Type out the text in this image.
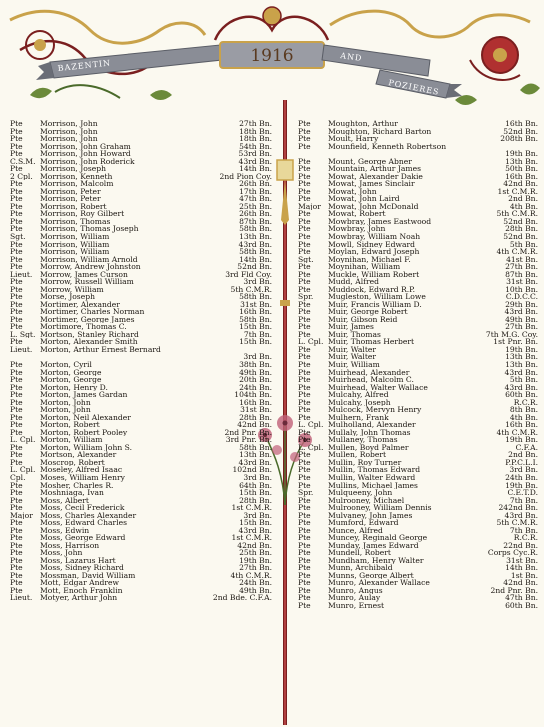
BAZENTIN	1916	AND
POZIERES
Pte	Morrison, John	27th Bn.
Pte	Morrison, John	18th Bn.
Pte	Morrison, John	18th Bn.
Pte	Morrison, John Graham	54th Bn.
Pte	Morrison, John Howard	53rd Bn.
C.S.M. Morrison, John Roderick	43rd Bn.
Pte	Morrison, Joseph	14th Bn.
2 Cpl. Morrison, Kenneth	2nd Pion Coy.
Pte	Morrison, Malcolm	26th Bn.
Pte	Morrison, Peter	17th Bn.
Pte	Morrison, Peter	47th Bn.
Pte	Morrison, Robert	25th Bn.
Pte	Morrison, Roy Gilbert	26th Bn.
Pte	Morrison, Thomas	87th Bn.
Pte	Morrison, Thomas Joseph	58th Bn.
Sgt.	Morrison, William	13th Bn.
Pte	Morrison, William	43rd Bn.
Pte	Morrison, William	58th Bn.
Pte	Morrison, William Arnold	14th Bn.
Pte	Morrow, Andrew Johnston	52nd Bn.
Lieut.	Morrow, James Curson	3rd Fld Coy.
Pte	Morrow, Russell William	3rd Bn.
Pte	Morrow, William	5th C.M.R.
Pte	Morse, Joseph	58th Bn.
Pte	Mortimer, Alexander	31st Bn.
Pte	Mortimer, Charles Norman	16th Bn.
Pte	Mortimer, George James	58th Bn.
Pte	Mortimore, Thomas C.	15th Bn.
L. Sgt. Mortson, Stanley Richard	7th Bn.
Pte	Morton, Alexander Smith	15th Bn.
Lieut.	Morton, Arthur Ernest Bernard
3rd Bn.
Pte	Morton, Cyril	38th Bn.
Pte	Morton, George	49th Bn.
Pte	Morton, George	20th Bn.
Pte	Morton, Henry D.	24th Bn.
Pte	Morton, James Gardan	104th Bn.
Pte	Morton, John	16th Bn.
Pte	Morton, John	31st Bn.
Pte	Morton, Neil Alexander	28th Bn.
Pte	Morton, Robert	42nd Bn.
Pte	Morton, Robert Pooley	2nd Pnr. Bn.
L. Cpl. Morton, William	3rd Pnr. Bn.
Pte	Morton, William John S.	58th Bn.
Pte	Mortson, Alexander	13th Bn.
Pte	Moscrop, Robert	43rd Bn.
L. Cpl. Moseley, Alfred Isaac	102nd Bn.
Cpl.	Moses, William Henry	3rd Bn.
Pte	Mosher, Charles R.	64th Bn.
Pte	Moshniaga, Ivan	15th Bn.
Pte	Moss, Albert	28th Bn.
Pte	Moss, Cecil Frederick	1st C.M.R.
Major Moss, Charles Alexander	3rd Bn.
Pte	Moss, Edward Charles	15th Bn.
Pte	Moss, Edwin	43rd Bn.
Pte	Moss, George Edward	1st C.M.R.
Pte	Moss, Harrison	42nd Bn.
Pte	Moss, John	25th Bn.
Pte	Moss, Lazarus Hart	19th Bn.
Pte	Moss, Sidney Richard	27th Bn.
Pte	Mossman, David William	4th C.M.R.
Pte	Mott, Edgar Andrew	24th Bn.
Pte	Mott, Enoch Franklin	49th Bn.
Lieut.	Motyer, Arthur John	2nd Bde. C.F.A.
Pte	Moughton, Arthur	16th Bn.
Pte	Moughton, Richard Barton	52nd Bn.
Pte	Moult, Harry	208th Bn.
Pte	Mounfield, Kenneth Robertson
19th Bn.
Pte	Mount, George Abner	13th Bn.
Pte	Mountain, Arthur James	50th Bn.
Pte	Mowat, Alexander Dakie	16th Bn.
Pte	Mowat, James Sinclair	42nd Bn.
Pte	Mowat, John	1st C.M.R.
Pte	Mowat, John Laird	2nd Bn.
Major Mowat, John McDonald	4th Bn.
Pte	Mowat, Robert	5th C.M.R.
Pte	Mowbray, James Eastwood	52nd Bn.
Pte	Mowbray, John	28th Bn.
Pte	Mowbray, William Noah	52nd Bn.
Pte	Mowll, Sidney Edward	5th Bn.
Pte	Moylan, Edward Joseph	4th C.M.R.
Sgt.	Moynihan, Michael F.	41st Bn.
Pte	Moynihan, William	27th Bn.
Pte	Muckle, William Robert	87th Bn.
Pte	Mudd, Alfred	31st Bn.
Pte	Muddock, Edward R.P.	10th Bn.
Spr.	Mugleston, William Lowe	C.D.C.C.
Pte	Muir, Francis William D.	29th Bn.
Pte	Muir, George Robert	43rd Bn.
Pte	Muir, Gibson Reid	49th Bn.
Pte	Muir, James	27th Bn.
Pte	Muir, Thomas	7th M.G. Coy.
L. Cpl. Muir, Thomas Herbert	1st Pnr. Bn.
Pte	Muir, Walter	19th Bn.
Pte	Muir, Walter	13th Bn.
Pte	Muir, William	13th Bn.
Pte	Muirhead, Alexander	43rd Bn.
Pte	Muirhead, Malcolm C.	5th Bn.
Pte	Muirhead, Walter Wallace	43rd Bn.
Pte	Mulcahy, Alfred	60th Bn.
Pte	Mulcahy, Joseph	R.C.R.
Pte	Mulcock, Mervyn Henry	8th Bn.
Pte	Mulhern, Frank	4th Bn.
L. Cpl. Mulholland, Alexander	16th Bn.
Pte	Mullaly, John Thomas	4th C.M.R.
Pte	Mullaney, Thomas	19th Bn.
L. Cpl. Mullen, Boyd Palmer	C.F.A.
Pte	Mullen, Robert	2nd Bn.
Pte	Mullin, Roy Turner	P.P.C.L.I.
Pte	Mullin, Thomas Edward	3rd Bn.
Pte	Mullin, Walter Edward	24th Bn.
Pte	Mullins, Michael James	19th Bn.
Spr.	Mulqueeny, John	C.E.T.D.
Pte	Mulrooney, Michael	7th Bn.
Pte	Mulrooney, William Dennis	242nd Bn.
Pte	Mulvaney, John James	43rd Bn.
Pte	Mumford, Edward	5th C.M.R.
Pte	Munce, Alfred	7th Bn.
Pte	Muncey, Reginald George	R.C.R.
Pte	Munday, James Edward	22nd Bn.
Pte	Mundell, Robert	Corps Cyc.R.
Pte	Mundham, Henry Walter	31st Bn.
Pte	Munn, Archibald	14th Bn.
Pte	Munns, George Albert	1st Bn.
Pte	Munro, Alexander Wallace	42nd Bn.
Pte	Munro, Angus	2nd Pnr. Bn.
Pte	Munro, Aulay	47th Bn.
Pte	Munro, Ernest	60th Bn.
